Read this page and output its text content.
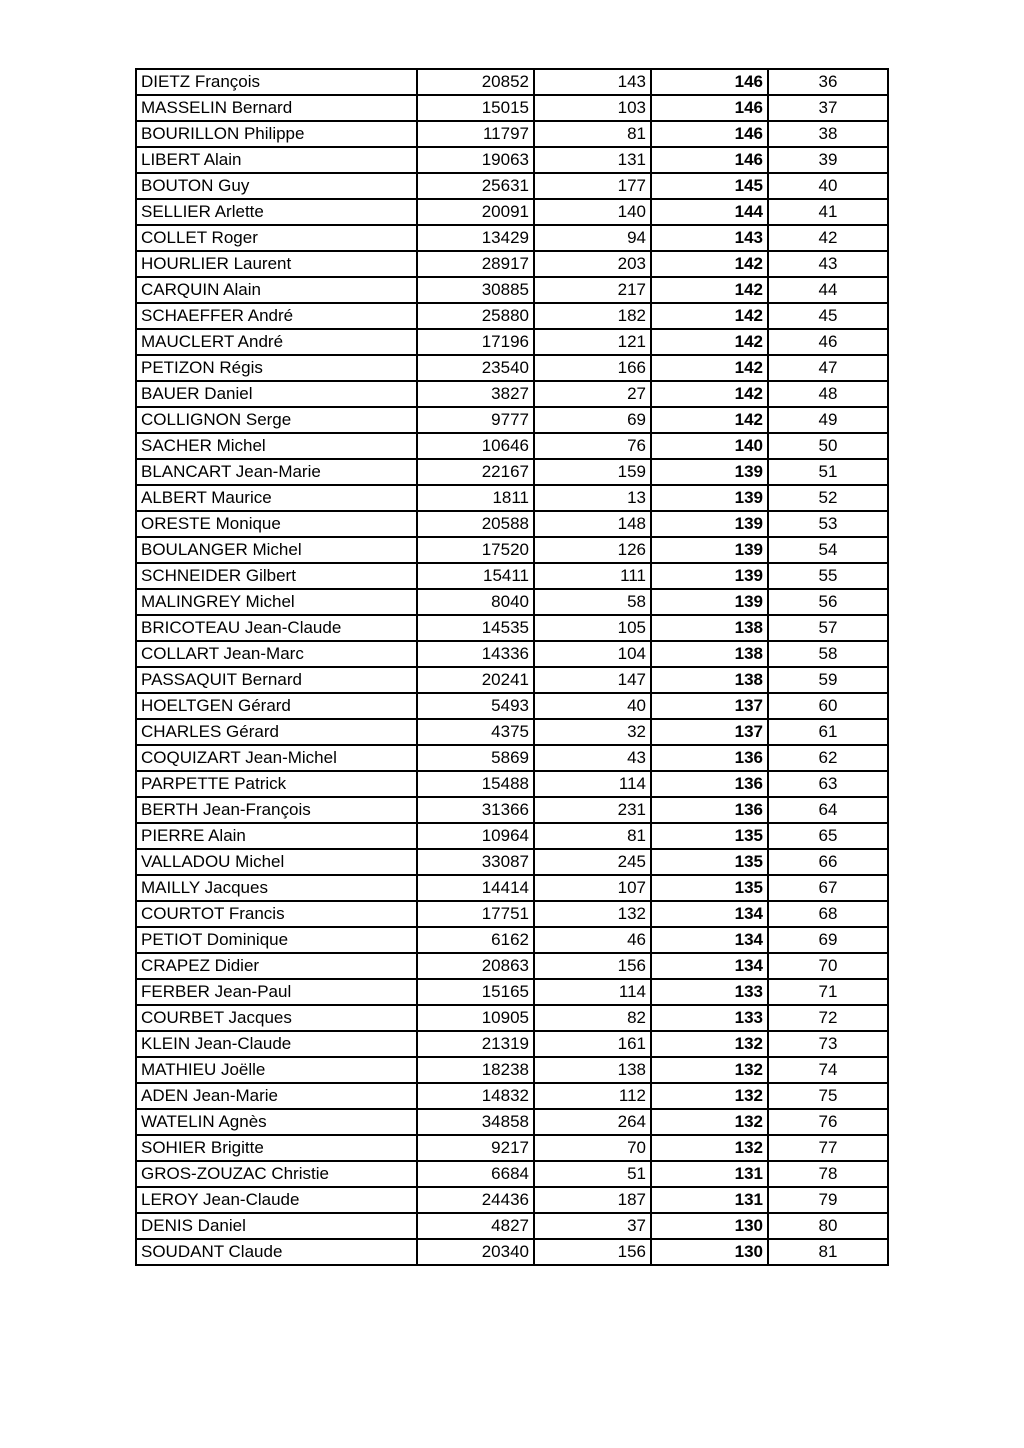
DIETZ François	20852	143	146	36
MASSELIN Bernard	15015	103	146	37
BOURILLON Philippe	11797	81	146	38
LIBERT Alain	19063	131	146	39
BOUTON Guy	25631	177	145	40
SELLIER Arlette	20091	140	144	41
COLLET Roger	13429	94	143	42
HOURLIER Laurent	28917	203	142	43
CARQUIN Alain	30885	217	142	44
SCHAEFFER André	25880	182	142	45
MAUCLERT André	17196	121	142	46
PETIZON Régis	23540	166	142	47
BAUER Daniel	3827	27	142	48
COLLIGNON Serge	9777	69	142	49
SACHER Michel	10646	76	140	50
BLANCART Jean-Marie	22167	159	139	51
ALBERT Maurice	1811	13	139	52
ORESTE Monique	20588	148	139	53
BOULANGER Michel	17520	126	139	54
SCHNEIDER Gilbert	15411	111	139	55
MALINGREY Michel	8040	58	139	56
BRICOTEAU Jean-Claude	14535	105	138	57
COLLART Jean-Marc	14336	104	138	58
PASSAQUIT Bernard	20241	147	138	59
HOELTGEN Gérard	5493	40	137	60
CHARLES Gérard	4375	32	137	61
COQUIZART Jean-Michel	5869	43	136	62
PARPETTE Patrick	15488	114	136	63
BERTH Jean-François	31366	231	136	64
PIERRE Alain	10964	81	135	65
VALLADOU Michel	33087	245	135	66
MAILLY Jacques	14414	107	135	67
COURTOT Francis	17751	132	134	68
PETIOT Dominique	6162	46	134	69
CRAPEZ Didier	20863	156	134	70
FERBER Jean-Paul	15165	114	133	71
COURBET Jacques	10905	82	133	72
KLEIN Jean-Claude	21319	161	132	73
MATHIEU Joëlle	18238	138	132	74
ADEN Jean-Marie	14832	112	132	75
WATELIN Agnès	34858	264	132	76
SOHIER Brigitte	9217	70	132	77
GROS-ZOUZAC Christie	6684	51	131	78
LEROY Jean-Claude	24436	187	131	79
DENIS Daniel	4827	37	130	80
SOUDANT Claude	20340	156	130	81
